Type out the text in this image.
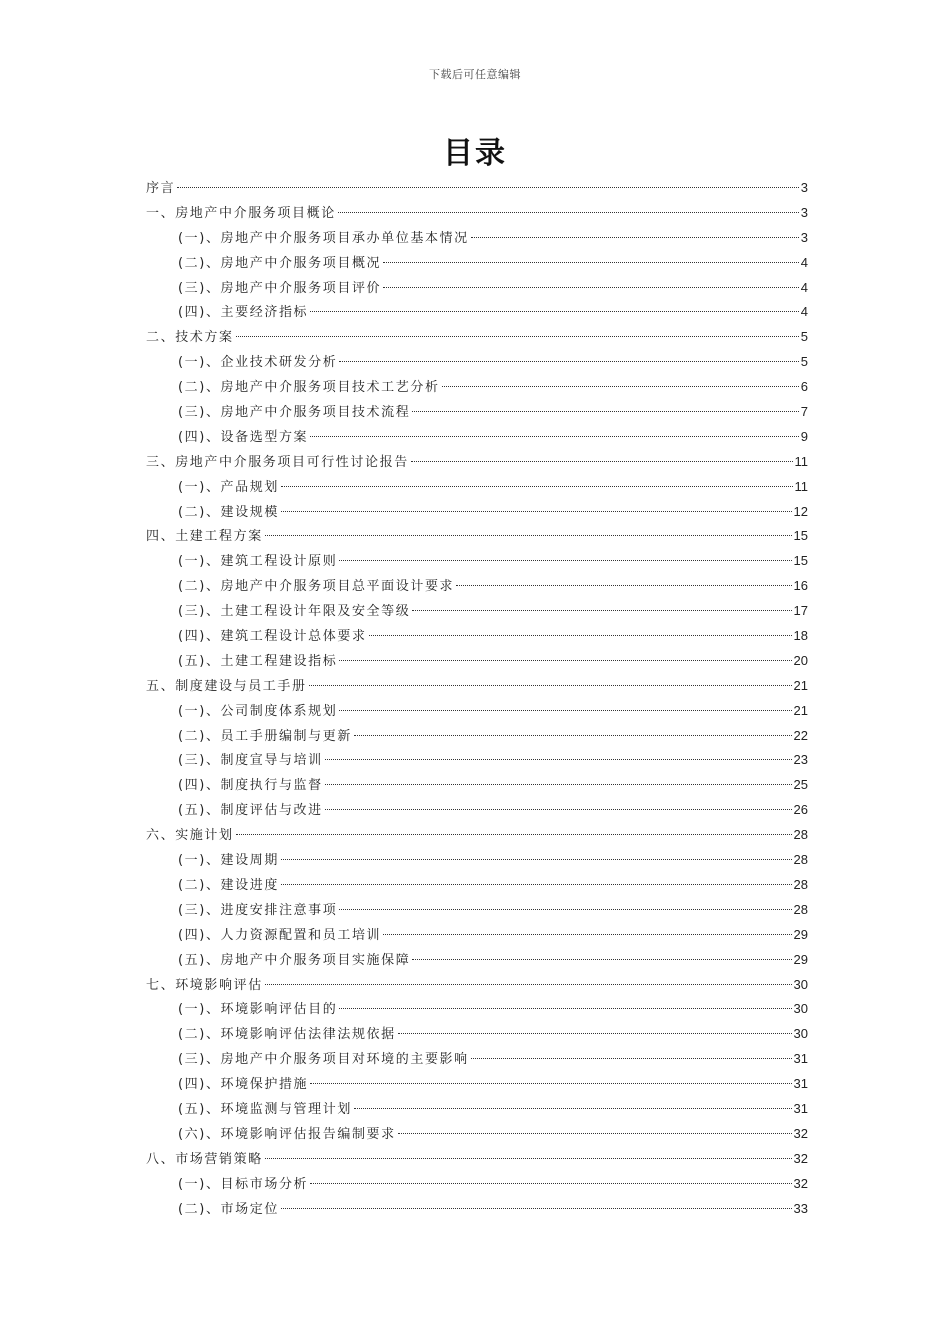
下载后可任意编辑
目录
序言	3
一、房地产中介服务项目概论	3
(一)、房地产中介服务项目承办单位基本情况	3
(二)、房地产中介服务项目概况	4
(三)、房地产中介服务项目评价	4
(四)、主要经济指标	4
二、技术方案	5
(一)、企业技术研发分析	5
(二)、房地产中介服务项目技术工艺分析	6
(三)、房地产中介服务项目技术流程	7
(四)、设备选型方案	9
三、房地产中介服务项目可行性讨论报告	11
(一)、产品规划	11
(二)、建设规模	12
四、土建工程方案	15
(一)、建筑工程设计原则	15
(二)、房地产中介服务项目总平面设计要求	16
(三)、土建工程设计年限及安全等级	17
(四)、建筑工程设计总体要求	18
(五)、土建工程建设指标	20
五、制度建设与员工手册	21
(一)、公司制度体系规划	21
(二)、员工手册编制与更新	22
(三)、制度宣导与培训	23
(四)、制度执行与监督	25
(五)、制度评估与改进	26
六、实施计划	28
(一)、建设周期	28
(二)、建设进度	28
(三)、进度安排注意事项	28
(四)、人力资源配置和员工培训	29
(五)、房地产中介服务项目实施保障	29
七、环境影响评估	30
(一)、环境影响评估目的	30
(二)、环境影响评估法律法规依据	30
(三)、房地产中介服务项目对环境的主要影响	31
(四)、环境保护措施	31
(五)、环境监测与管理计划	31
(六)、环境影响评估报告编制要求	32
八、市场营销策略	32
(一)、目标市场分析	32
(二)、市场定位	33
